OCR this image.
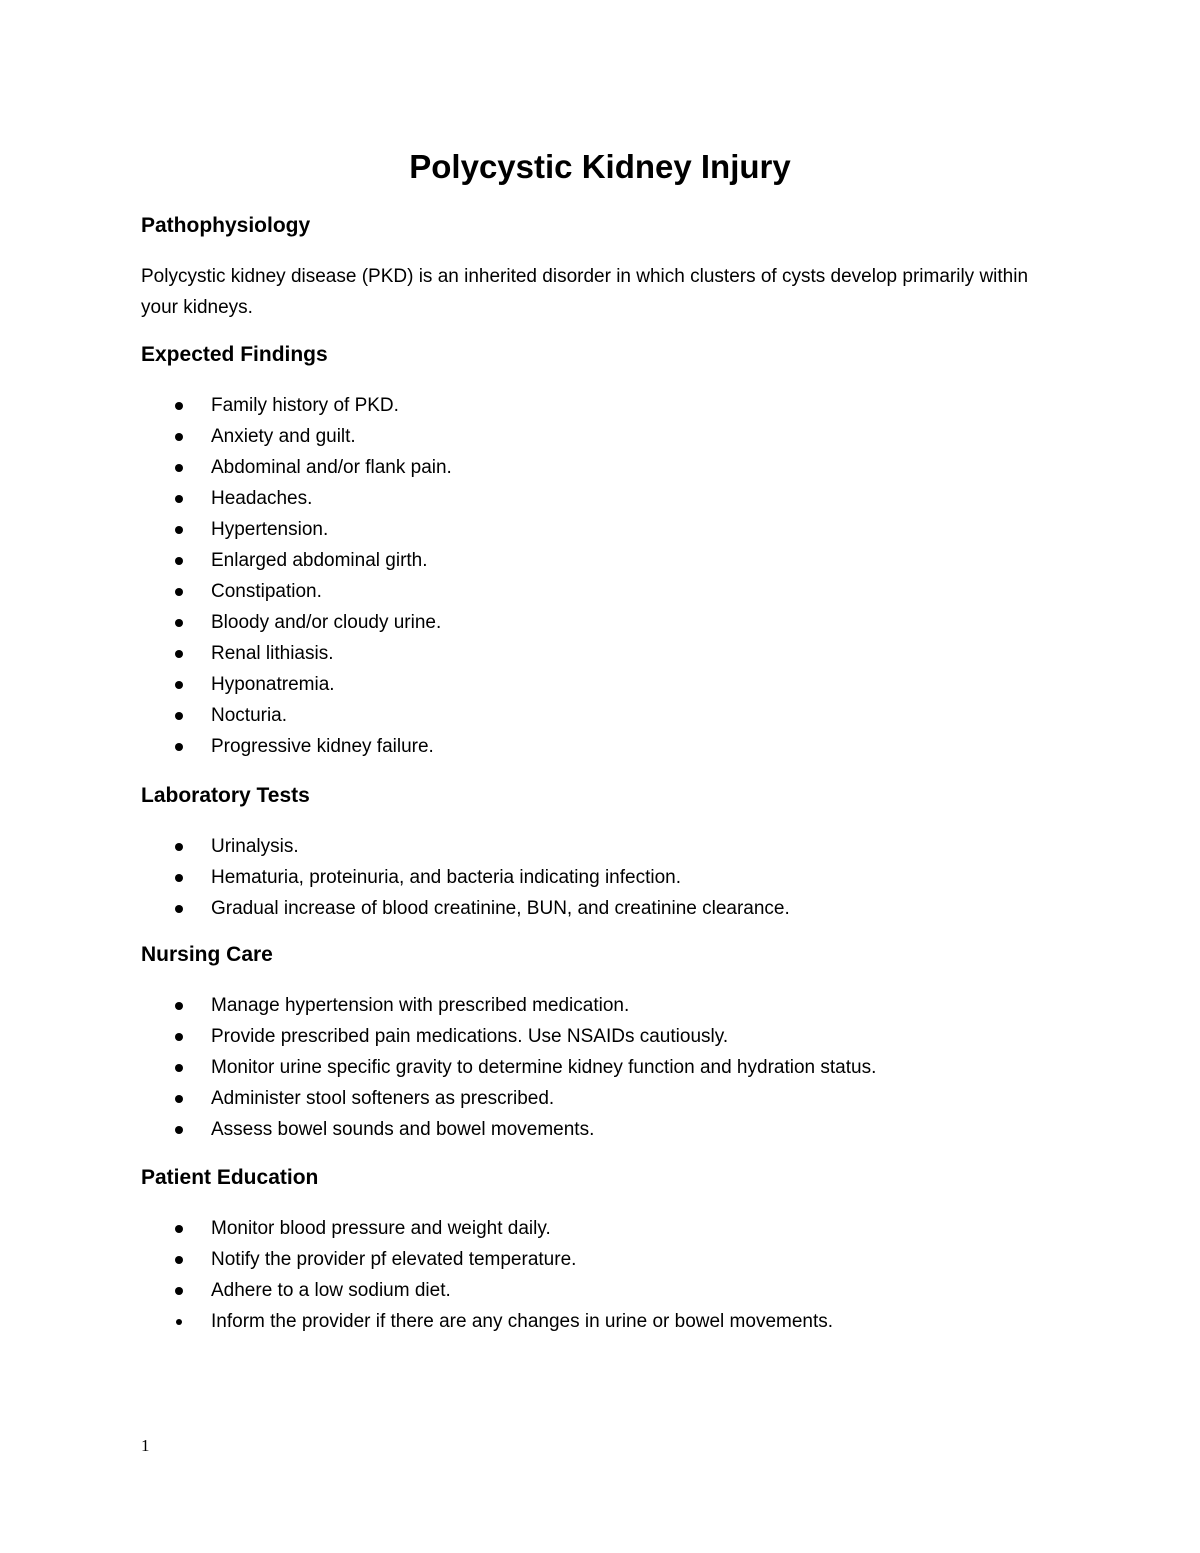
Polycystic Kidney Injury
Pathophysiology

Polycystic kidney disease (PKD) is an inherited disorder in which clusters of cysts develop primarily within your kidneys.

Expected Findings
Family history of PKD.
Anxiety and guilt.
Abdominal and/or flank pain.
Headaches.
Hypertension.
Enlarged abdominal girth.
Constipation.
Bloody and/or cloudy urine.
Renal lithiasis.
Hyponatremia.
Nocturia.
Progressive kidney failure.
Laboratory Tests
Urinalysis.
Hematuria, proteinuria, and bacteria indicating infection.
Gradual increase of blood creatinine, BUN, and creatinine clearance.
Nursing Care
Manage hypertension with prescribed medication.
Provide prescribed pain medications. Use NSAIDs cautiously.
Monitor urine specific gravity to determine kidney function and hydration status.
Administer stool softeners as prescribed.
Assess bowel sounds and bowel movements.
Patient Education
Monitor blood pressure and weight daily.
Notify the provider pf elevated temperature.
Adhere to a low sodium diet.
Inform the provider if there are any changes in urine or bowel movements.
1
